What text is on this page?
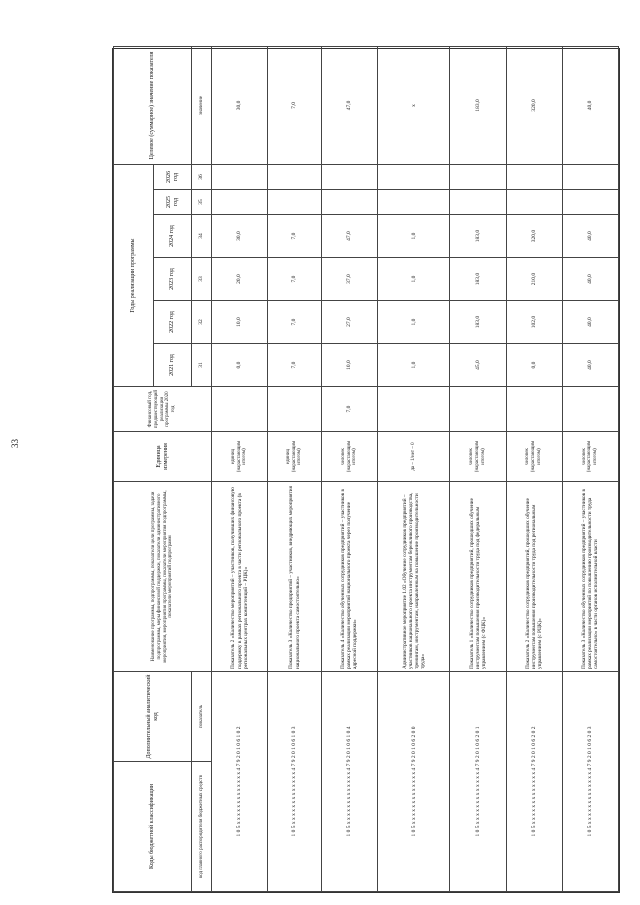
33
Коды бюджетной классификации	Дополнительный аналитический код	Наименование программы, подпрограммы, показатели цели программы, задачи подпрограммы, меры финансовой поддержки, показатели административного мероприятия, мероприятия программы, показатели мероприятия подпрограммы, показатели мероприятий подпрограмм	Единица измерения	Финансовый год, предшествующий реализации программы 2020 год	Годы реализации программы						Целевое (суммарное) значение показателя
					2021 год	2022 год	2023 год	2024 год	2025 год	2026 год	
код главного распорядителя бюджетных средств	показатель				31	32	33	34	35	36	значение
1 0 5 х х х х х х х х х х х х х 4 7 9 2 0 1 0 6 1 0 2		Показатель 2 «Количество мероприятий – участников, получивших финансовую поддержку в рамках регионального проекта в части регионального проекта (в региональных центрах компетенций – РЦК)»	единиц (нарастающим итогом)		0,0	10,0	20,0	30,0			30,0
1 0 5 х х х х х х х х х х х х х 4 7 9 2 0 1 0 6 1 0 3		Показатель 3 «Количество предприятий – участников, внедряющих мероприятия национального проекта самостоятельно»	единиц (нарастающим итогом)		7,0	7,0	7,0	7,0			7,0
1 0 5 х х х х х х х х х х х х х 4 7 9 2 0 1 0 6 1 0 4		Показатель 4 «Количество обученных сотрудников предприятий – участников в рамках реализации мероприятий национального проекта через получение адресной поддержки»	человек (нарастающим итогом)	7,0	10,0	27,0	37,0	47,0			47,0
1 0 5 х х х х х х х х х х х х х 4 7 9 2 0 1 0 6 2 0 0		Административное мероприятие 1.02 «Обучение сотрудников предприятий – участников национального проекта инструментам бережливого производства, тренингам, инструментам, направленным на повышение производительности труда»	да – 1/нет – 0		1,0	1,0	1,0	1,0			х
1 0 5 х х х х х х х х х х х х х 4 7 9 2 0 1 0 6 2 0 1		Показатель 1 «Количество сотрудников предприятий, прошедших обучение инструментам повышения производительности труда под федеральным управлением (с ФЦК)»	человек (нарастающим итогом)		45,0	183,0	183,0	183,0			183,0
1 0 5 х х х х х х х х х х х х х 4 7 9 2 0 1 0 6 2 0 2		Показатель 2 «Количество сотрудников предприятий, прошедших обучение инструментам повышения производительности труда под региональным управлением (с РЦК)»	человек (нарастающим итогом)		0,0	102,0	210,0	320,0			320,0
1 0 5 х х х х х х х х х х х х х 4 7 9 2 0 1 0 6 2 0 3		Показатель 3 «Количество обученных сотрудников предприятий – участников в рамках реализации мероприятий по повышению производительности труда самостоятельно» в части органов исполнительной власти	человек (нарастающим итогом)		40,0	40,0	40,0	40,0			40,0
